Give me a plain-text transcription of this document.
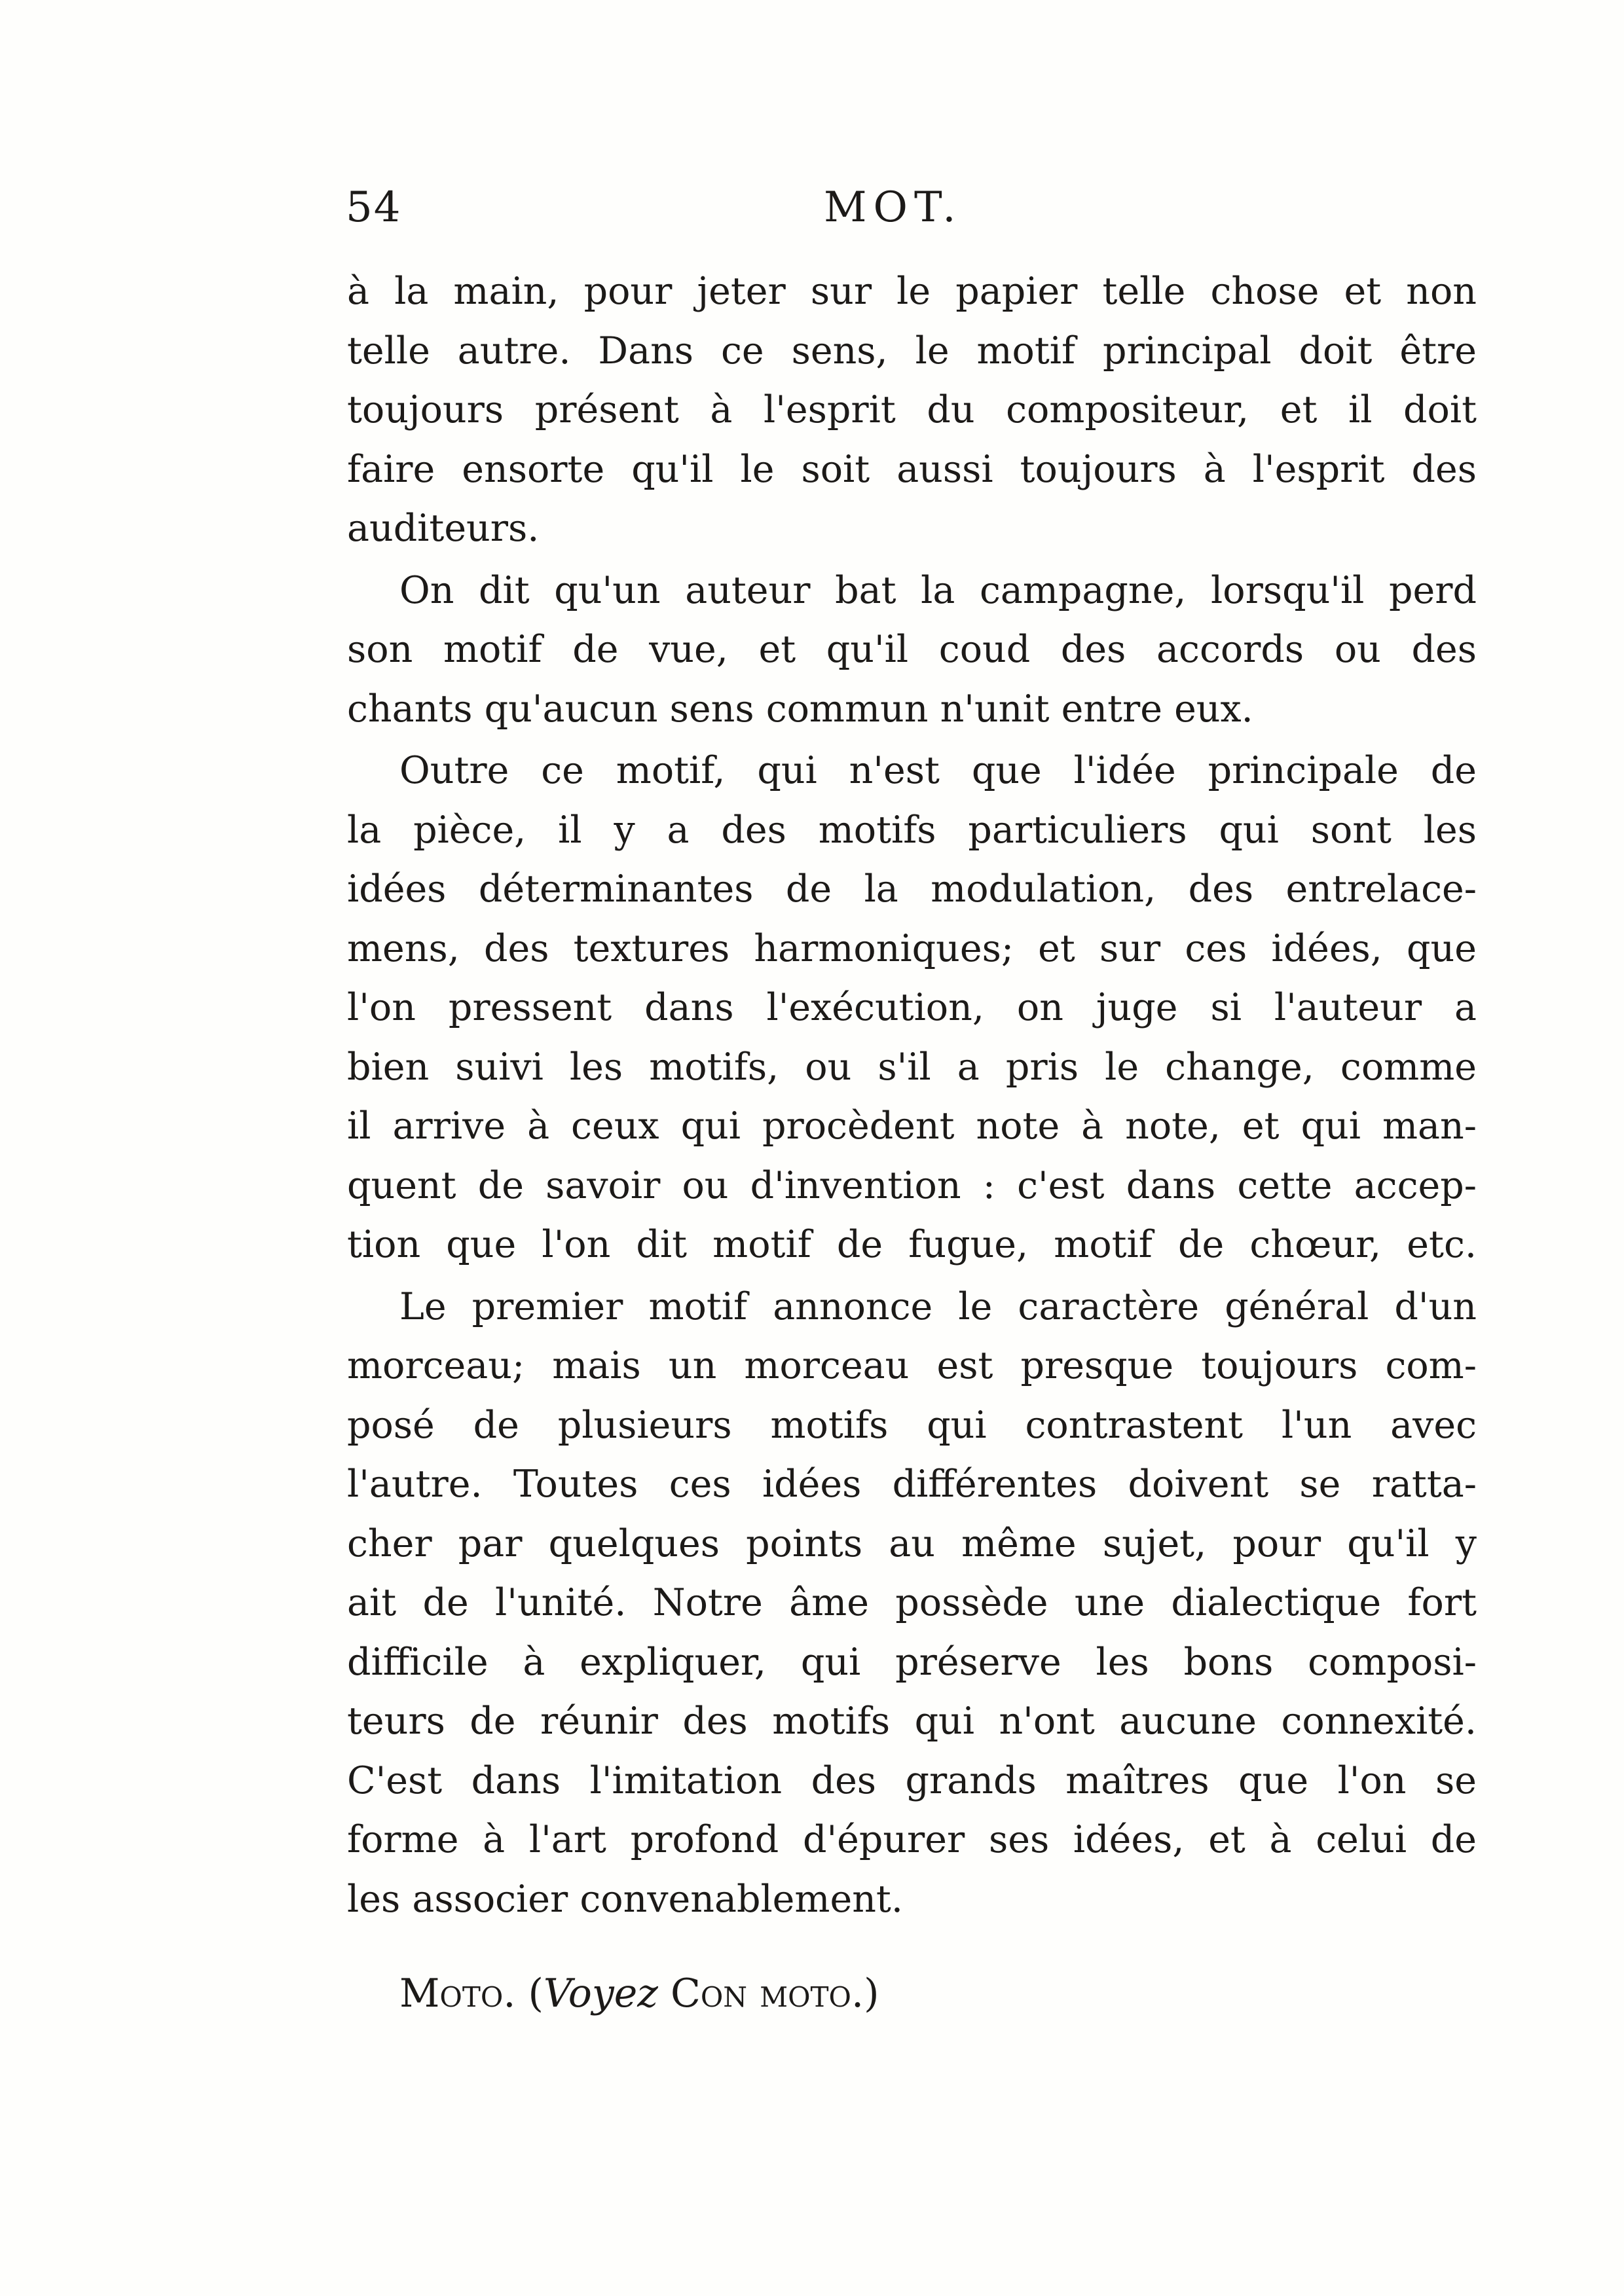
54	MOT.
à la main, pour jeter sur le papier telle chose et non
telle autre. Dans ce sens, le motif principal doit être
toujours présent à l'esprit du compositeur, et il doit
faire ensorte qu'il le soit aussi toujours à l'esprit des
auditeurs.
On dit qu'un auteur bat la campagne, lorsqu'il perd
son motif de vue, et qu'il coud des accords ou des
chants qu'aucun sens commun n'unit entre eux.
Outre ce motif, qui n'est que l'idée principale de
la pièce, il y a des motifs particuliers qui sont les
idées déterminantes de la modulation, des entrelace-
mens, des textures harmoniques; et sur ces idées, que
l'on pressent dans l'exécution, on juge si l'auteur a
bien suivi les motifs, ou s'il a pris le change, comme
il arrive à ceux qui procèdent note à note, et qui man-
quent de savoir ou d'invention : c'est dans cette accep-
tion que l'on dit motif de fugue, motif de chœur, etc.
Le premier motif annonce le caractère général d'un
morceau; mais un morceau est presque toujours com-
posé de plusieurs motifs qui contrastent l'un avec
l'autre. Toutes ces idées différentes doivent se ratta-
cher par quelques points au même sujet, pour qu'il y
ait de l'unité. Notre âme possède une dialectique fort
difficile à expliquer, qui préserve les bons composi-
teurs de réunir des motifs qui n'ont aucune connexité.
C'est dans l'imitation des grands maîtres que l'on se
forme à l'art profond d'épurer ses idées, et à celui de
les associer convenablement.
Moto. (Voyez Con moto.)
